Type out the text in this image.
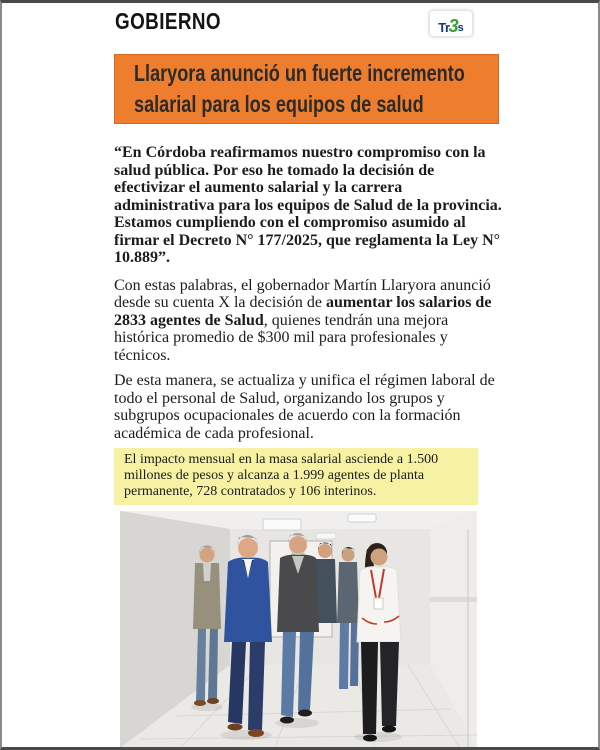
GOBIERNO	Tr 3 s
Llaryora anunció un fuerte incremento
salarial para los equipos de salud

“En Córdoba reafirmamos nuestro compromiso con la salud pública. Por eso he tomado la decisión de efectivizar el aumento salarial y la carrera administrativa para los equipos de Salud de la provincia. Estamos cumpliendo con el compromiso asumido al firmar el Decreto N° 177/2025, que reglamenta la Ley N° 10.889”.

Con estas palabras, el gobernador Martín Llaryora anunció desde su cuenta X la decisión de aumentar los salarios de 2833 agentes de Salud, quienes tendrán una mejora histórica promedio de $300 mil para profesionales y técnicos.

De esta manera, se actualiza y unifica el régimen laboral de todo el personal de Salud, organizando los grupos y subgrupos ocupacionales de acuerdo con la formación académica de cada profesional.

El impacto mensual en la masa salarial asciende a 1.500 millones de pesos y alcanza a 1.999 agentes de planta permanente, 728 contratados y 106 interinos.
